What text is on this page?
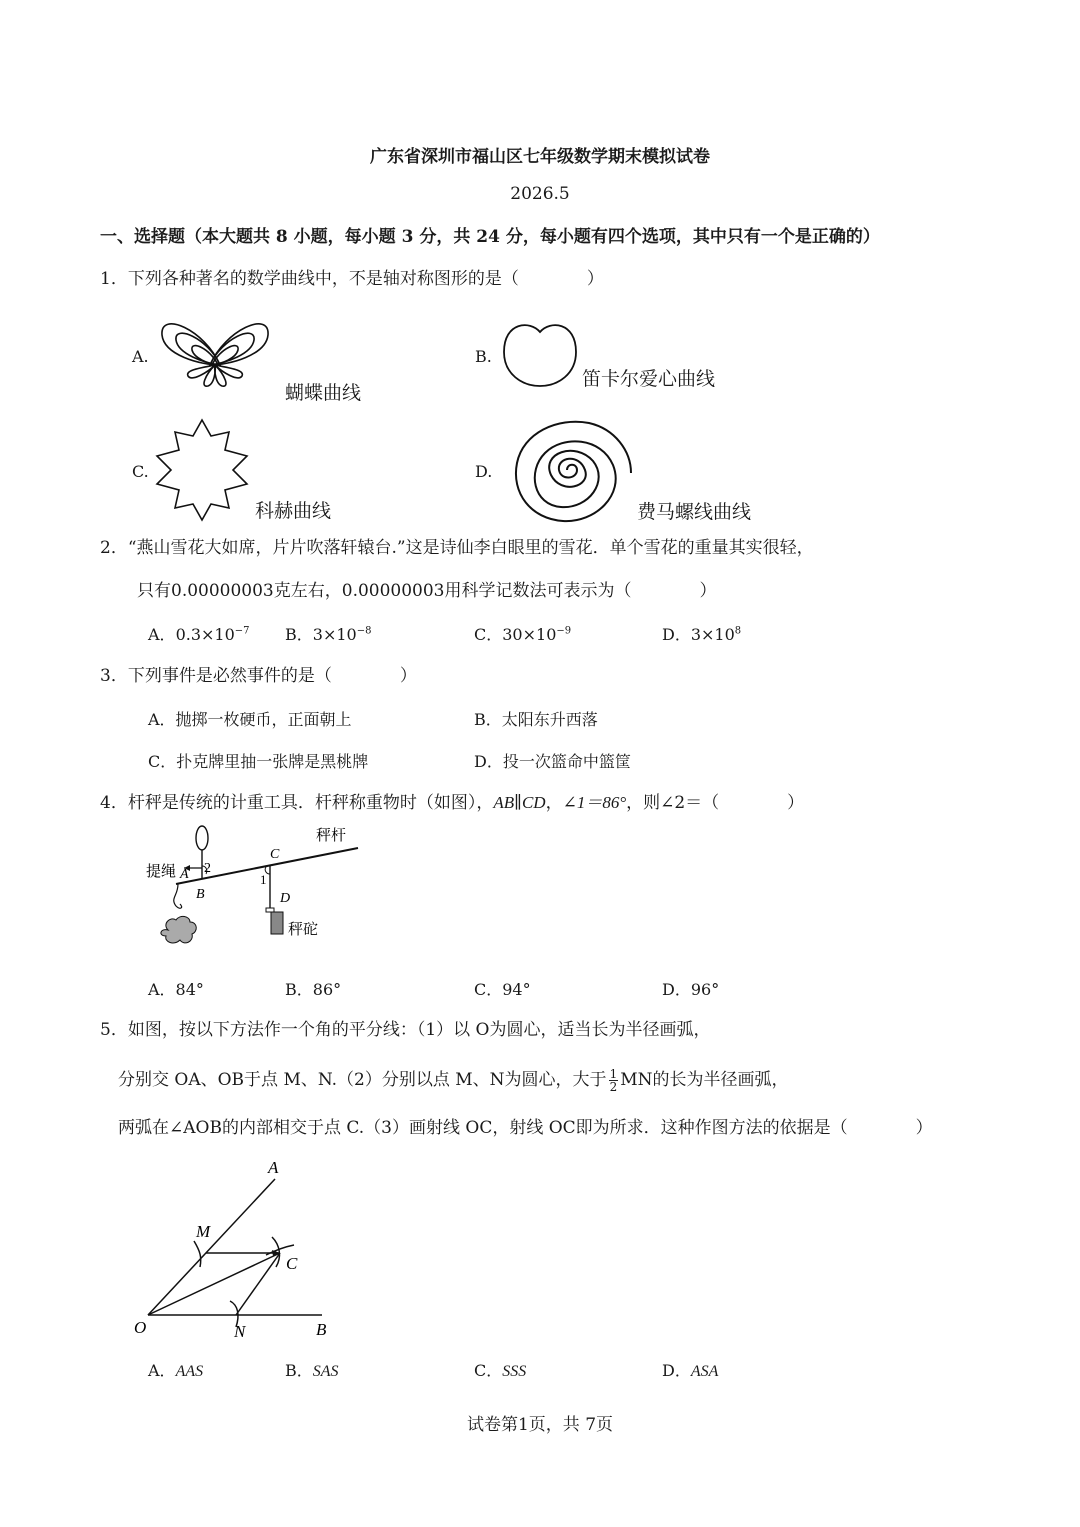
广东省深圳市福山区七年级数学期末模拟试卷
2026.5
一、选择题（本大题共 8 小题，每小题 3 分，共 24 分，每小题有四个选项，其中只有一个是正确的）
1．下列各种著名的数学曲线中，不是轴对称图形的是（　　　　）
A.
蝴蝶曲线
B.
笛卡尔爱心曲线
C.
科赫曲线
D.
费马螺线曲线
2．“燕山雪花大如席，片片吹落轩辕台.”这是诗仙李白眼里的雪花．单个雪花的重量其实很轻，
只有0.00000003克左右，0.00000003用科学记数法可表示为（　　　　）
A．$0.3\times 10^{-7}$ B．$3\times 10^{-8}$	C．$30\times 10^{-9}$	D．$3\times 10^8$
3．下列事件是必然事件的是（　　　　）
A．抛掷一枚硬币，正面朝上	B．太阳东升西落
C．扑克牌里抽一张牌是黑桃牌	D．投一次篮命中篮筐
4．杆秤是传统的计重工具．杆秤称重物时（如图），AB∥CD，∠1＝86°，则∠2＝（　　　　）
A 2
B
C
1
D
提绳
秤杆
秤砣
A．84°	B．86°	C．94°	D．96°
5．如图，按以下方法作一个角的平分线：（1）以 O为圆心，适当长为半径画弧，
分别交 OA、OB于点 M、N.（2）分别以点 M、N为圆心，大于 $\frac{1}{2}$ MN的长为半径画弧，
两弧在∠AOB的内部相交于点 C.（3）画射线 OC，射线 OC即为所求．这种作图方法的依据是（　　　　）
A
M
C
O	N	B
A．AAS	B．SAS	C．SSS	D．ASA
试卷第1页，共 7页
